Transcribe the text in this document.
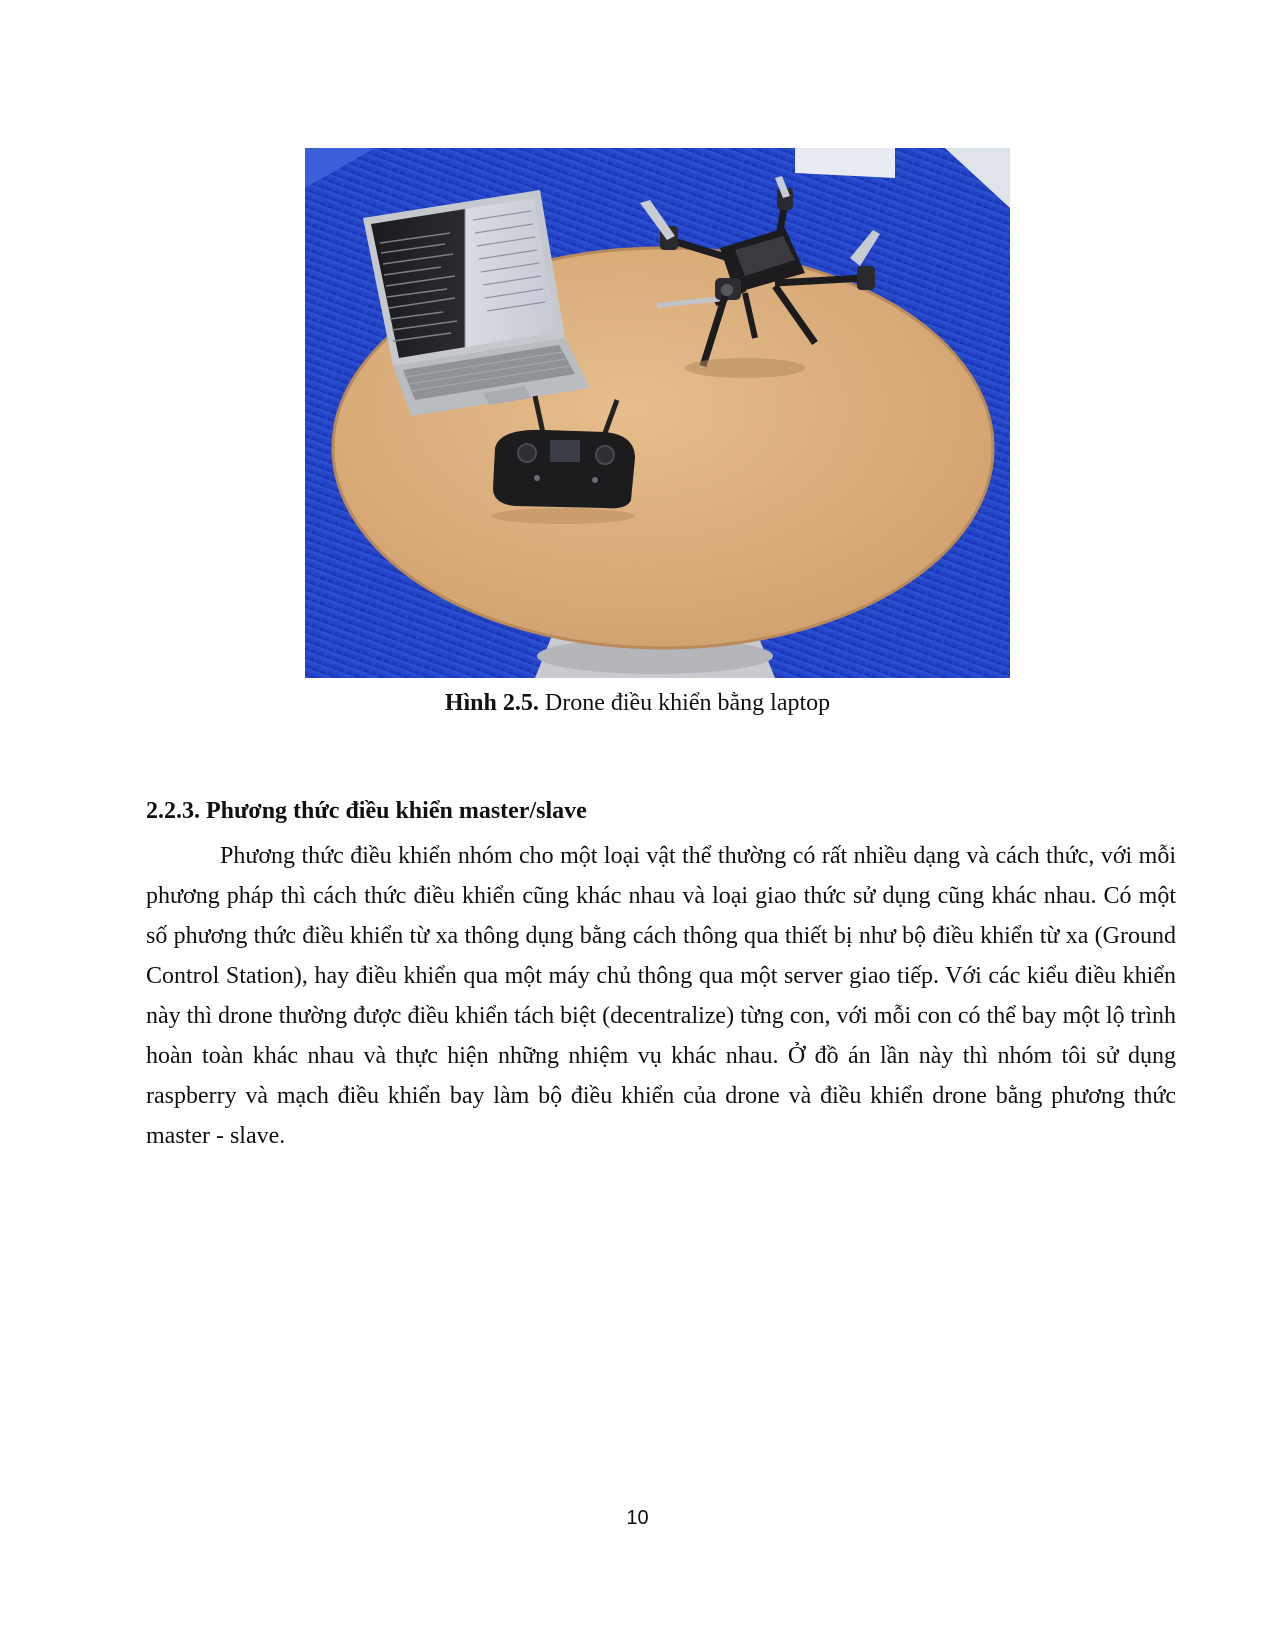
Hình 2.5. Drone điều khiển bằng laptop
2.2.3. Phương thức điều khiển master/slave

Phương thức điều khiển nhóm cho một loại vật thể thường có rất nhiều dạng và cách thức, với mỗi phương pháp thì cách thức điều khiển cũng khác nhau và loại giao thức sử dụng cũng khác nhau. Có một số phương thức điều khiển từ xa thông dụng bằng cách thông qua thiết bị như bộ điều khiển từ xa (Ground Control Station), hay điều khiển qua một máy chủ thông qua một server giao tiếp. Với các kiểu điều khiển này thì drone thường được điều khiển tách biệt (decentralize) từng con, với mỗi con có thể bay một lộ trình hoàn toàn khác nhau và thực hiện những nhiệm vụ khác nhau. Ở đồ án lần này thì nhóm tôi sử dụng raspberry và mạch điều khiển bay làm bộ điều khiển của drone và điều khiển drone bằng phương thức master - slave.

10
